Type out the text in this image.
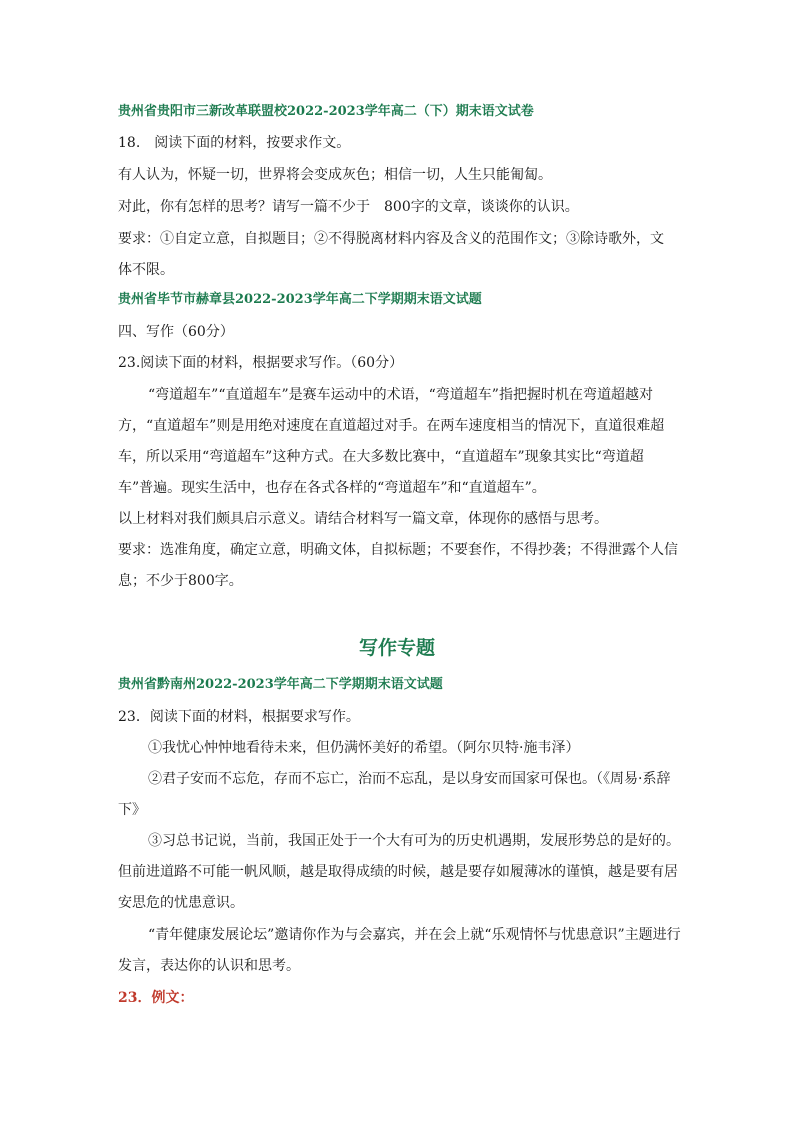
贵州省贵阳市三新改革联盟校2022-2023学年高二（下）期末语文试卷
18.　阅读下面的材料，按要求作文。
有人认为，怀疑一切，世界将会变成灰色；相信一切，人生只能匍匐。
对此，你有怎样的思考？请写一篇不少于　800字的文章，谈谈你的认识。
要求：①自定立意，自拟题目；②不得脱离材料内容及含义的范围作文；③除诗歌外，文
体不限。
贵州省毕节市赫章县2022-2023学年高二下学期期末语文试题
四、写作（60分）
23.阅读下面的材料，根据要求写作。（60分）
“弯道超车”“直道超车”是赛车运动中的术语，“弯道超车”指把握时机在弯道超越对
方，“直道超车”则是用绝对速度在直道超过对手。在两车速度相当的情况下，直道很难超
车，所以采用“弯道超车”这种方式。在大多数比赛中，“直道超车”现象其实比“弯道超
车”普遍。现实生活中，也存在各式各样的“弯道超车”和“直道超车”。
以上材料对我们颇具启示意义。请结合材料写一篇文章，体现你的感悟与思考。
要求：选准角度，确定立意，明确文体，自拟标题；不要套作，不得抄袭；不得泄露个人信
息；不少于800字。
写作专题
贵州省黔南州2022-2023学年高二下学期期末语文试题
23．阅读下面的材料，根据要求写作。
①我忧心忡忡地看待未来，但仍满怀美好的希望。（阿尔贝特·施韦泽）
②君子安而不忘危，存而不忘亡，治而不忘乱，是以身安而国家可保也。（《周易·系辞
下》
③习总书记说，当前，我国正处于一个大有可为的历史机遇期，发展形势总的是好的。
但前进道路不可能一帆风顺，越是取得成绩的时候，越是要存如履薄冰的谨慎，越是要有居
安思危的忧患意识。
“青年健康发展论坛”邀请你作为与会嘉宾，并在会上就“乐观情怀与忧患意识”主题进行
发言，表达你的认识和思考。
23．例文：
